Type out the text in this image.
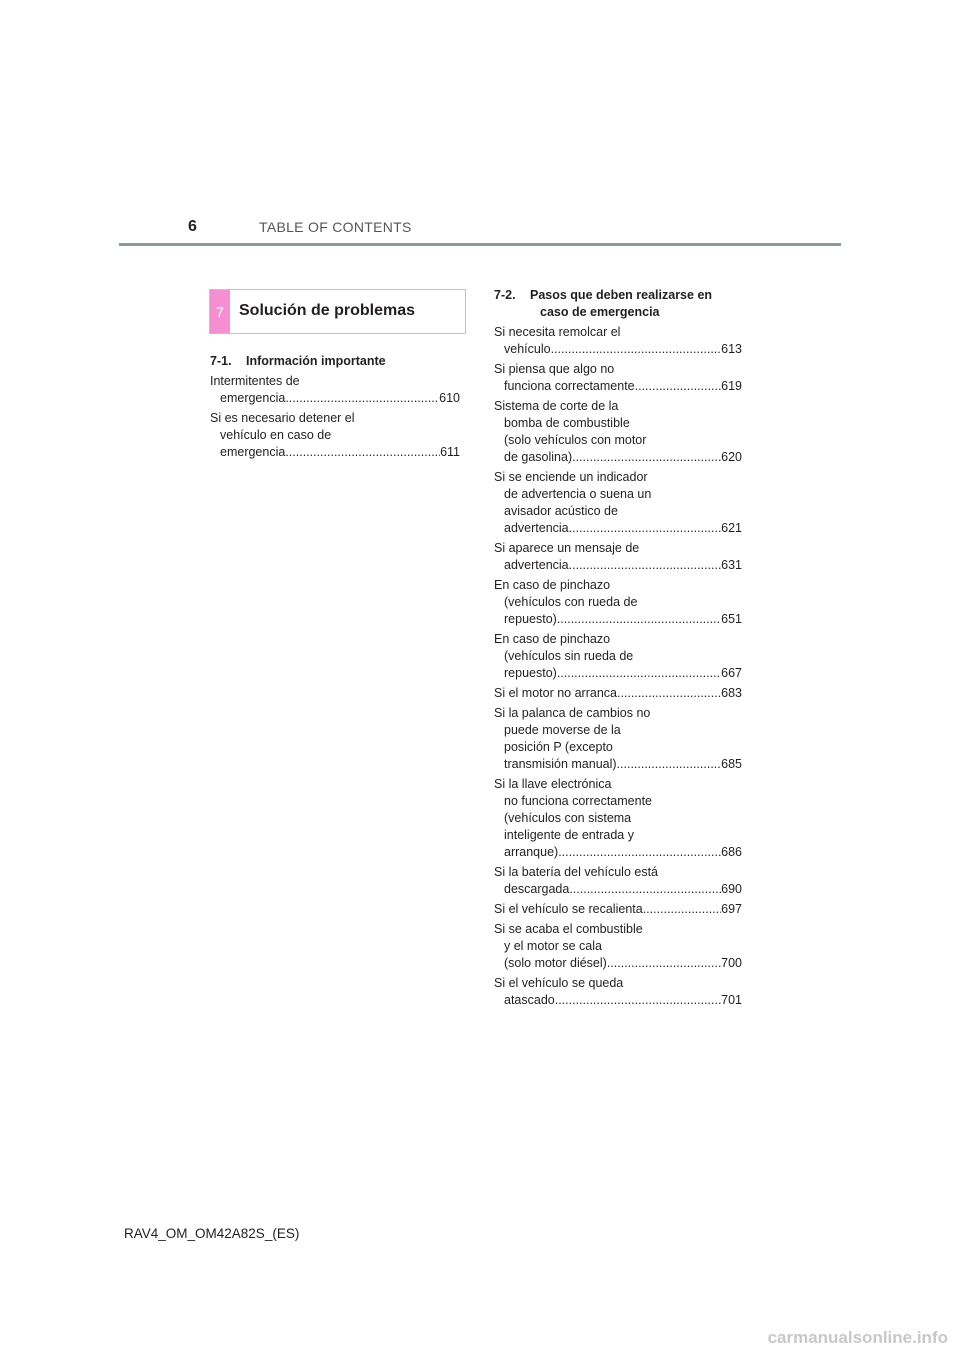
6	TABLE OF CONTENTS
7 Solución de problemas
7-1.	Información importante
Intermitentes de
emergencia .....	610
Si es necesario detener el
vehículo en caso de
emergencia .....	611
7-2. Pasos que deben realizarse en
caso de emergencia
Si necesita remolcar el
vehículo .....	613
Si piensa que algo no
funciona correctamente .....	619
Sistema de corte de la
bomba de combustible
(solo vehículos con motor
de gasolina) .....	620
Si se enciende un indicador
de advertencia o suena un
avisador acústico de
advertencia .....	621
Si aparece un mensaje de
advertencia .....	631
En caso de pinchazo
(vehículos con rueda de
repuesto) .....	651
En caso de pinchazo
(vehículos sin rueda de
repuesto) .....	667
Si el motor no arranca .....	683
Si la palanca de cambios no
puede moverse de la
posición P (excepto
transmisión manual) .....	685
Si la llave electrónica
no funciona correctamente
(vehículos con sistema
inteligente de entrada y
arranque) .....	686
Si la batería del vehículo está
descargada .....	690
Si el vehículo se recalienta .....	697
Si se acaba el combustible
y el motor se cala
(solo motor diésel) .....	700
Si el vehículo se queda
atascado .....	701
RAV4_OM_OM42A82S_(ES)
carmanualsonline.info
